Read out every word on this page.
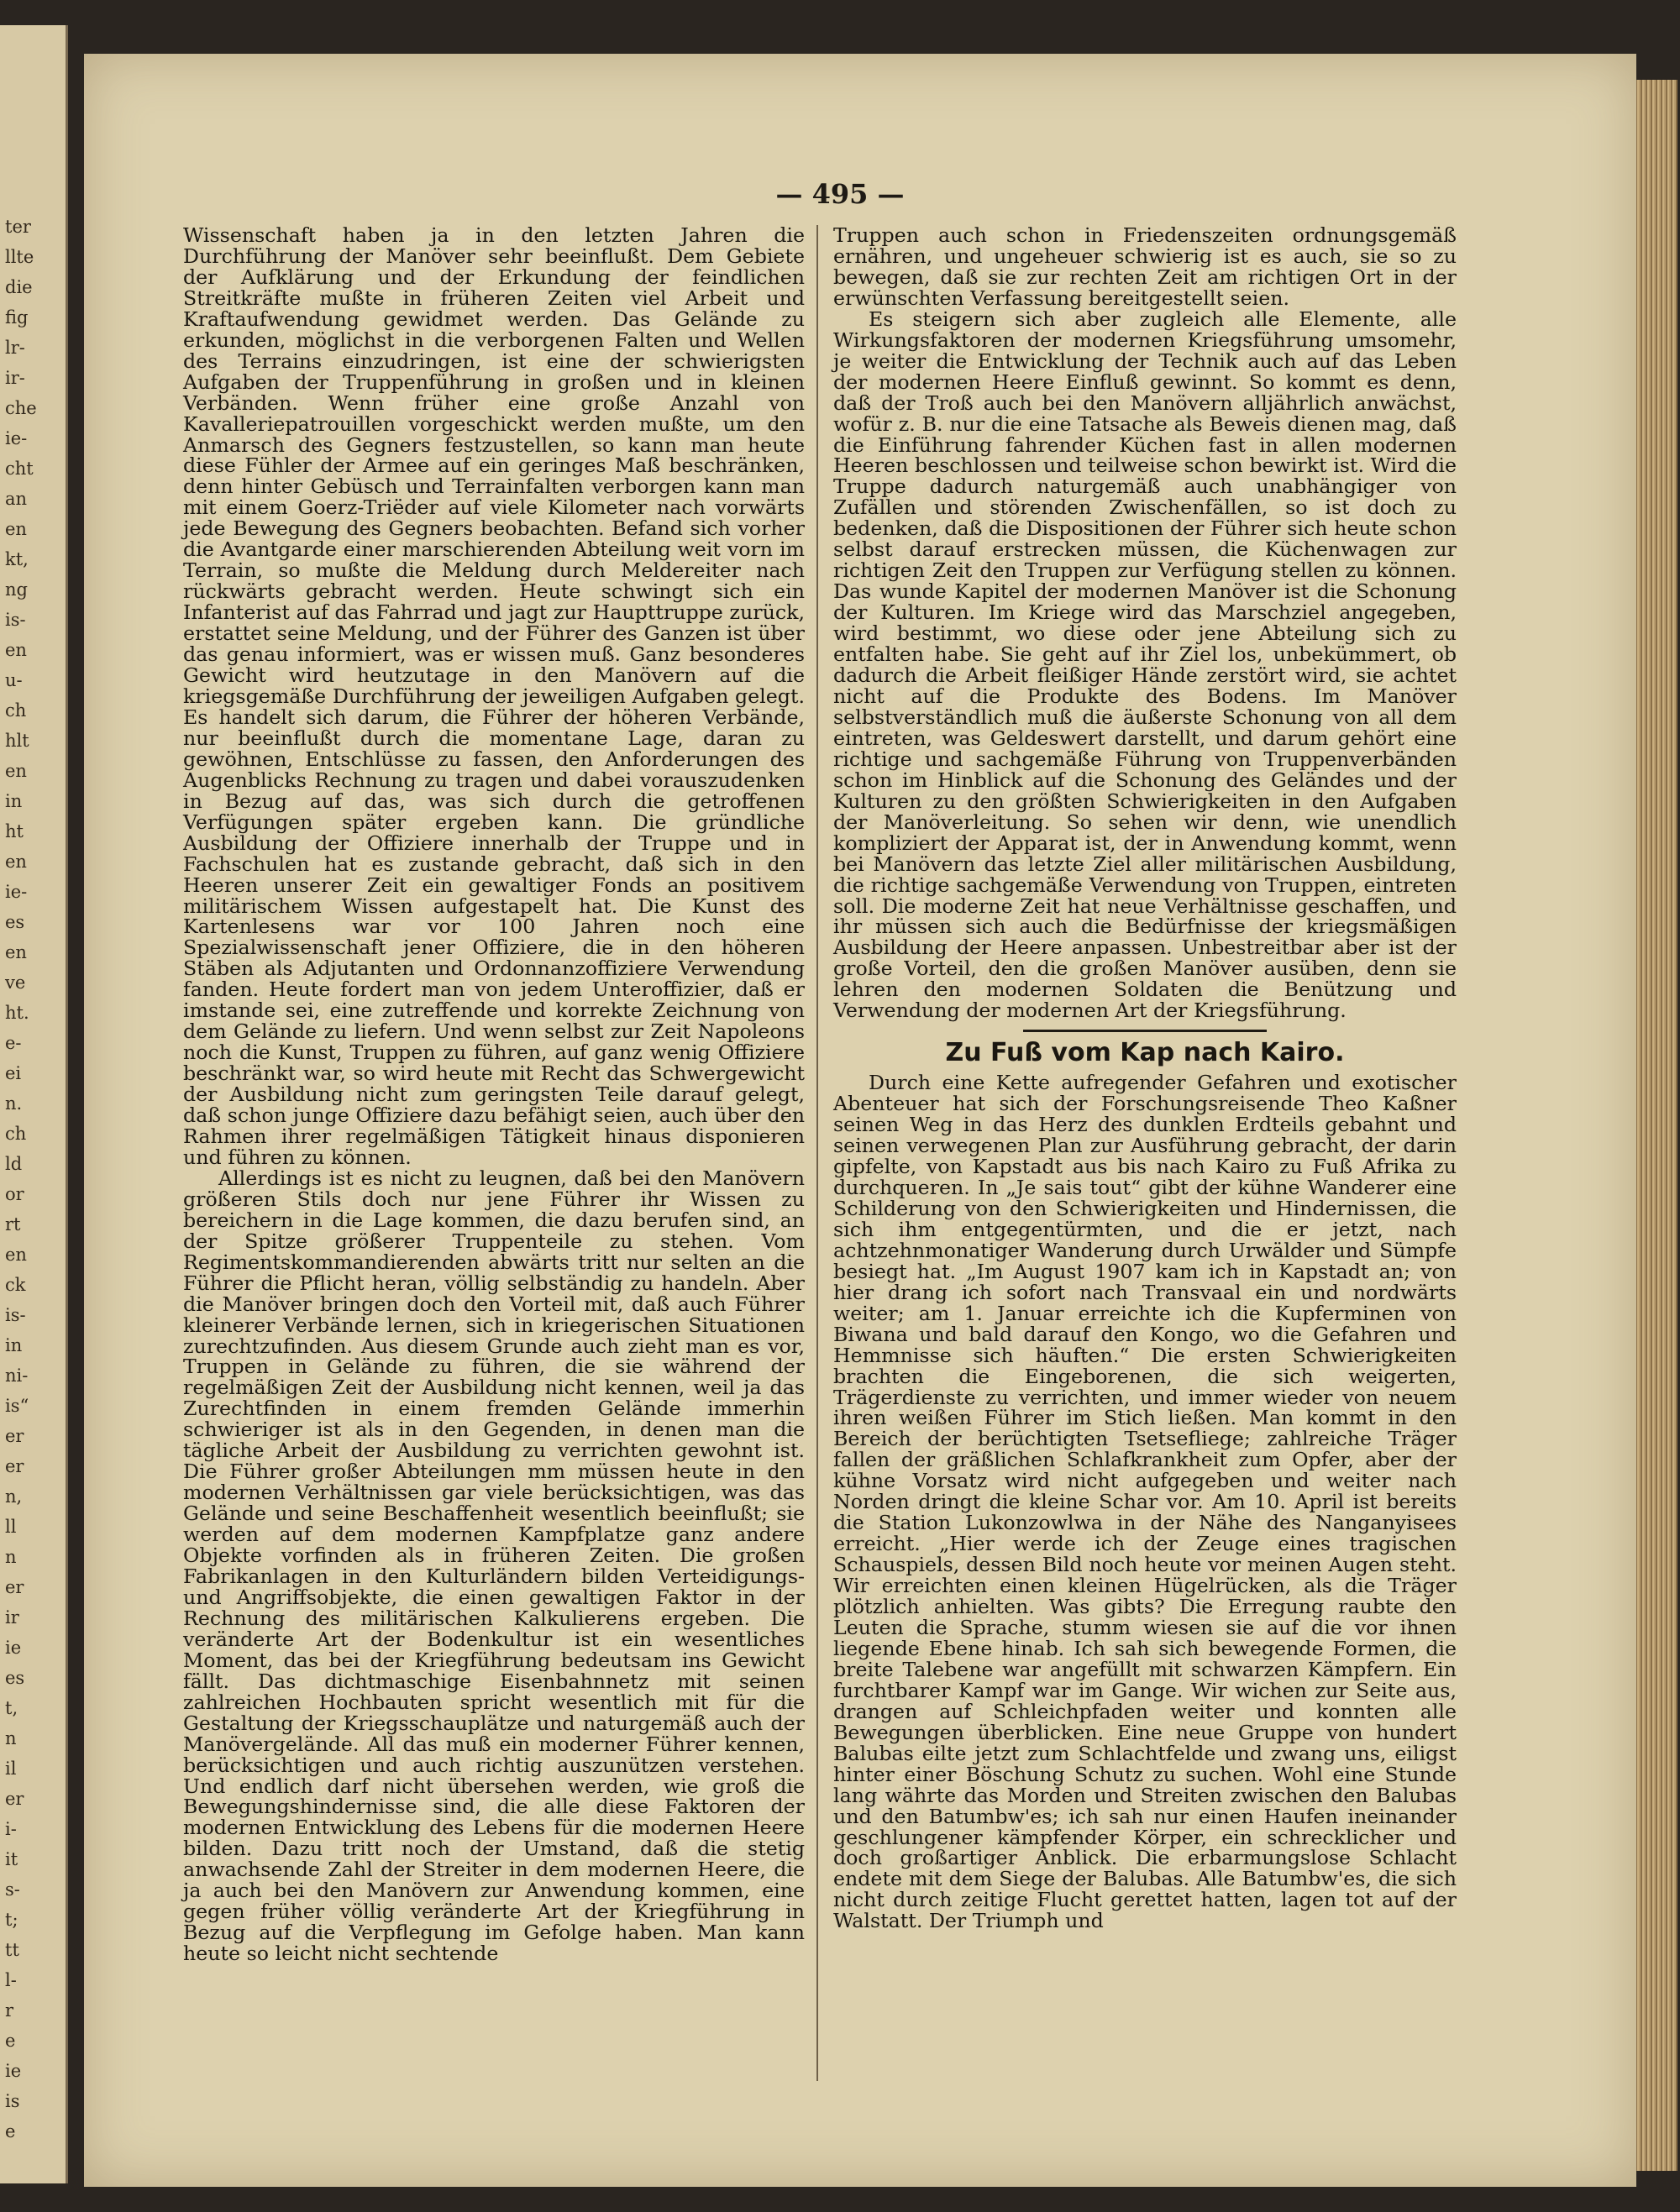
ter
llte
die
fig
lr-
ir-
che
ie-
cht
an
en
kt,
ng
is-
en
u-
ch
hlt
en
in
ht
en
ie-
es
en
ve
ht.
e-
ei
n.
ch
ld
or
rt
en
ck
is-
in
ni-
is“
er
er
n,
ll
n
er
ir
ie
es
t,
n
il
er
i-
it
s-
t;
tt
l-
r
e
ie
is
e
— 495 —

Wissenschaft haben ja in den letzten Jahren die Durchführung der Manöver sehr beeinflußt. Dem Gebiete der Aufklärung und der Erkundung der feindlichen Streitkräfte mußte in früheren Zeiten viel Arbeit und Kraftaufwendung gewidmet werden. Das Gelände zu erkunden, möglichst in die verborgenen Falten und Wellen des Terrains einzudringen, ist eine der schwierigsten Aufgaben der Truppenführung in großen und in kleinen Verbänden. Wenn früher eine große Anzahl von Kavalleriepatrouillen vorgeschickt werden mußte, um den Anmarsch des Gegners festzustellen, so kann man heute diese Fühler der Armee auf ein geringes Maß beschränken, denn hinter Gebüsch und Terrainfalten verborgen kann man mit einem Goerz-Triëder auf viele Kilometer nach vorwärts jede Bewegung des Gegners beobachten. Befand sich vorher die Avantgarde einer marschierenden Abteilung weit vorn im Terrain, so mußte die Meldung durch Meldereiter nach rückwärts gebracht werden. Heute schwingt sich ein Infanterist auf das Fahrrad und jagt zur Haupttruppe zurück, erstattet seine Meldung, und der Führer des Ganzen ist über das genau informiert, was er wissen muß. Ganz besonderes Gewicht wird heutzutage in den Manövern auf die kriegsgemäße Durchführung der jeweiligen Aufgaben gelegt. Es handelt sich darum, die Führer der höheren Verbände, nur beeinflußt durch die momentane Lage, daran zu gewöhnen, Entschlüsse zu fassen, den Anforderungen des Augenblicks Rechnung zu tragen und dabei vorauszudenken in Bezug auf das, was sich durch die getroffenen Verfügungen später ergeben kann. Die gründliche Ausbildung der Offiziere innerhalb der Truppe und in Fachschulen hat es zustande gebracht, daß sich in den Heeren unserer Zeit ein gewaltiger Fonds an positivem militärischem Wissen aufgestapelt hat. Die Kunst des Kartenlesens war vor 100 Jahren noch eine Spezialwissenschaft jener Offiziere, die in den höheren Stäben als Adjutanten und Ordonnanzoffiziere Verwendung fanden. Heute fordert man von jedem Unteroffizier, daß er imstande sei, eine zutreffende und korrekte Zeichnung von dem Gelände zu liefern. Und wenn selbst zur Zeit Napoleons noch die Kunst, Truppen zu führen, auf ganz wenig Offiziere beschränkt war, so wird heute mit Recht das Schwergewicht der Ausbildung nicht zum geringsten Teile darauf gelegt, daß schon junge Offiziere dazu befähigt seien, auch über den Rahmen ihrer regelmäßigen Tätigkeit hinaus disponieren und führen zu können.

Allerdings ist es nicht zu leugnen, daß bei den Manövern größeren Stils doch nur jene Führer ihr Wissen zu bereichern in die Lage kommen, die dazu berufen sind, an der Spitze größerer Truppenteile zu stehen. Vom Regimentskommandierenden abwärts tritt nur selten an die Führer die Pflicht heran, völlig selbständig zu handeln. Aber die Manöver bringen doch den Vorteil mit, daß auch Führer kleinerer Verbände lernen, sich in kriegerischen Situationen zurechtzufinden. Aus diesem Grunde auch zieht man es vor, Truppen in Gelände zu führen, die sie während der regelmäßigen Zeit der Ausbildung nicht kennen, weil ja das Zurechtfinden in einem fremden Gelände immerhin schwieriger ist als in den Gegenden, in denen man die tägliche Arbeit der Ausbildung zu verrichten gewohnt ist. Die Führer großer Abteilungen mm müssen heute in den modernen Verhältnissen gar viele berücksichtigen, was das Gelände und seine Beschaffenheit wesentlich beeinflußt; sie werden auf dem modernen Kampfplatze ganz andere Objekte vorfinden als in früheren Zeiten. Die großen Fabrikanlagen in den Kulturländern bilden Verteidigungs- und Angriffsobjekte, die einen gewaltigen Faktor in der Rechnung des militärischen Kalkulierens ergeben. Die veränderte Art der Bodenkultur ist ein wesentliches Moment, das bei der Kriegführung bedeutsam ins Gewicht fällt. Das dichtmaschige Eisenbahnnetz mit seinen zahlreichen Hochbauten spricht wesentlich mit für die Gestaltung der Kriegsschauplätze und naturgemäß auch der Manövergelände. All das muß ein moderner Führer kennen, berücksichtigen und auch richtig auszunützen verstehen. Und endlich darf nicht übersehen werden, wie groß die Bewegungshindernisse sind, die alle diese Faktoren der modernen Entwicklung des Lebens für die modernen Heere bilden. Dazu tritt noch der Umstand, daß die stetig anwachsende Zahl der Streiter in dem modernen Heere, die ja auch bei den Manövern zur Anwendung kommen, eine gegen früher völlig veränderte Art der Kriegführung in Bezug auf die Verpflegung im Gefolge haben. Man kann heute so leicht nicht sechtende

Truppen auch schon in Friedenszeiten ordnungsgemäß ernähren, und ungeheuer schwierig ist es auch, sie so zu bewegen, daß sie zur rechten Zeit am richtigen Ort in der erwünschten Verfassung bereitgestellt seien.

Es steigern sich aber zugleich alle Elemente, alle Wirkungsfaktoren der modernen Kriegsführung umsomehr, je weiter die Entwicklung der Technik auch auf das Leben der modernen Heere Einfluß gewinnt. So kommt es denn, daß der Troß auch bei den Manövern alljährlich anwächst, wofür z. B. nur die eine Tatsache als Beweis dienen mag, daß die Einführung fahrender Küchen fast in allen modernen Heeren beschlossen und teilweise schon bewirkt ist. Wird die Truppe dadurch naturgemäß auch unabhängiger von Zufällen und störenden Zwischenfällen, so ist doch zu bedenken, daß die Dispositionen der Führer sich heute schon selbst darauf erstrecken müssen, die Küchenwagen zur richtigen Zeit den Truppen zur Verfügung stellen zu können. Das wunde Kapitel der modernen Manöver ist die Schonung der Kulturen. Im Kriege wird das Marschziel angegeben, wird bestimmt, wo diese oder jene Abteilung sich zu entfalten habe. Sie geht auf ihr Ziel los, unbekümmert, ob dadurch die Arbeit fleißiger Hände zerstört wird, sie achtet nicht auf die Produkte des Bodens. Im Manöver selbstverständlich muß die äußerste Schonung von all dem eintreten, was Geldeswert darstellt, und darum gehört eine richtige und sachgemäße Führung von Truppenverbänden schon im Hinblick auf die Schonung des Geländes und der Kulturen zu den größten Schwierigkeiten in den Aufgaben der Manöverleitung. So sehen wir denn, wie unendlich kompliziert der Apparat ist, der in Anwendung kommt, wenn bei Manövern das letzte Ziel aller militärischen Ausbildung, die richtige sachgemäße Verwendung von Truppen, eintreten soll. Die moderne Zeit hat neue Verhältnisse geschaffen, und ihr müssen sich auch die Bedürfnisse der kriegsmäßigen Ausbildung der Heere anpassen. Unbestreitbar aber ist der große Vorteil, den die großen Manöver ausüben, denn sie lehren den modernen Soldaten die Benützung und Verwendung der modernen Art der Kriegsführung.

Zu Fuß vom Kap nach Kairo.

Durch eine Kette aufregender Gefahren und exotischer Abenteuer hat sich der Forschungsreisende Theo Kaßner seinen Weg in das Herz des dunklen Erdteils gebahnt und seinen verwegenen Plan zur Ausführung gebracht, der darin gipfelte, von Kapstadt aus bis nach Kairo zu Fuß Afrika zu durchqueren. In „Je sais tout“ gibt der kühne Wanderer eine Schilderung von den Schwierigkeiten und Hindernissen, die sich ihm entgegentürmten, und die er jetzt, nach achtzehnmonatiger Wanderung durch Urwälder und Sümpfe besiegt hat. „Im August 1907 kam ich in Kapstadt an; von hier drang ich sofort nach Transvaal ein und nordwärts weiter; am 1. Januar erreichte ich die Kupferminen von Biwana und bald darauf den Kongo, wo die Gefahren und Hemmnisse sich häuften.“ Die ersten Schwierigkeiten brachten die Eingeborenen, die sich weigerten, Trägerdienste zu verrichten, und immer wieder von neuem ihren weißen Führer im Stich ließen. Man kommt in den Bereich der berüchtigten Tsetsefliege; zahlreiche Träger fallen der gräßlichen Schlafkrankheit zum Opfer, aber der kühne Vorsatz wird nicht aufgegeben und weiter nach Norden dringt die kleine Schar vor. Am 10. April ist bereits die Station Lukonzowlwa in der Nähe des Nanganyisees erreicht. „Hier werde ich der Zeuge eines tragischen Schauspiels, dessen Bild noch heute vor meinen Augen steht. Wir erreichten einen kleinen Hügelrücken, als die Träger plötzlich anhielten. Was gibts? Die Erregung raubte den Leuten die Sprache, stumm wiesen sie auf die vor ihnen liegende Ebene hinab. Ich sah sich bewegende Formen, die breite Talebene war angefüllt mit schwarzen Kämpfern. Ein furchtbarer Kampf war im Gange. Wir wichen zur Seite aus, drangen auf Schleichpfaden weiter und konnten alle Bewegungen überblicken. Eine neue Gruppe von hundert Balubas eilte jetzt zum Schlachtfelde und zwang uns, eiligst hinter einer Böschung Schutz zu suchen. Wohl eine Stunde lang währte das Morden und Streiten zwischen den Balubas und den Batumbw'es; ich sah nur einen Haufen ineinander geschlungener kämpfender Körper, ein schrecklicher und doch großartiger Anblick. Die erbarmungslose Schlacht endete mit dem Siege der Balubas. Alle Batumbw'es, die sich nicht durch zeitige Flucht gerettet hatten, lagen tot auf der Walstatt. Der Triumph und
